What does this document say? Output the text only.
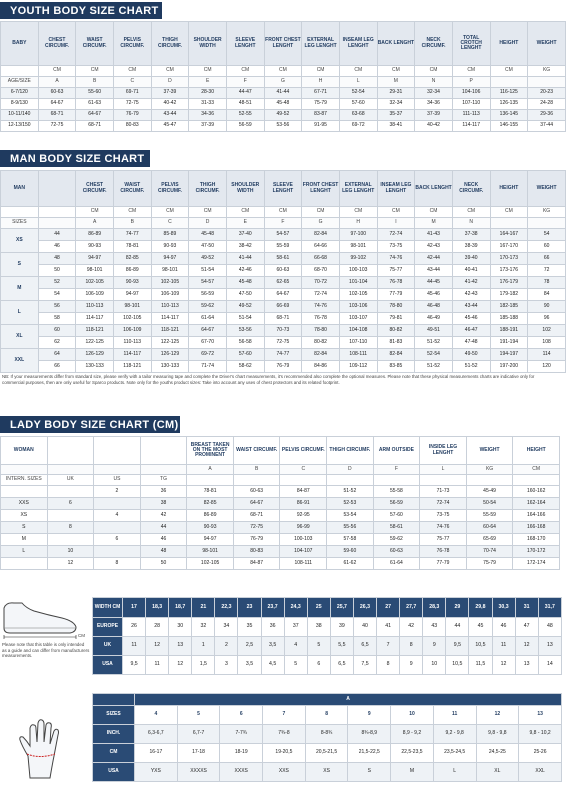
YOUTH BODY SIZE CHART
BABY	CHEST CIRCUMF.	WAIST CIRCUMF.	PELVIS CIRCUMF.	THIGH CIRCUMF.	SHOULDER WIDTH	SLEEVE LENGHT	FRONT CHEST LENGHT	EXTERNAL LEG LENGHT	INSEAM LEG LENGHT	BACK LENGHT	NECK CIRCUMF.	TOTAL CROTCH LENGHT	HEIGHT	WEIGHT
	CM	CM	CM	CM	CM	CM	CM	CM	CM	CM	CM	CM	CM	KG
AGE/SIZE	A	B	C	D	E	F	G	H	L	M	N	P		
6-7/120	60-63	55-60	69-71	37-39	28-30	44-47	41-44	67-71	52-54	29-31	32-34	104-106	116-125	20-23
8-9/130	64-67	61-63	72-75	40-42	31-33	48-51	45-48	75-79	57-60	32-34	34-36	107-110	126-135	24-28
10-11/140	68-71	64-67	76-79	43-44	34-36	52-55	49-52	83-87	63-68	35-37	37-39	111-113	136-145	29-36
12-13/150	72-75	68-71	80-83	45-47	37-39	56-59	53-56	91-95	69-72	38-41	40-42	114-117	146-155	37-44
MAN BODY SIZE CHART
MAN		CHEST CIRCUMF.	WAIST CIRCUMF.	PELVIS CIRCUMF.	THIGH CIRCUMF.	SHOULDER WIDTH	SLEEVE LENGHT	FRONT CHEST LENGHT	EXTERNAL LEG LENGHT	INSEAM LEG LENGHT	BACK LENGHT	NECK CIRCUMF.	HEIGHT	WEIGHT
		CM	CM	CM	CM	CM	CM	CM	CM	CM	CM	CM	CM	KG
SIZES		A	B	C	D	E	F	G	H	I	M	N		
XS	44	86-89	74-77	85-89	45-48	37-40	54-57	82-84	97-100	72-74	41-43	37-38	164-167	54
	46	90-93	78-81	90-93	47-50	38-42	55-59	64-66	98-101	73-75	42-43	38-39	167-170	60
S	48	94-97	82-85	94-97	49-52	41-44	58-61	66-68	99-102	74-76	42-44	39-40	170-173	66
	50	98-101	86-89	98-101	51-54	42-46	60-63	68-70	100-103	75-77	43-44	40-41	173-176	72
M	52	102-105	90-93	102-105	54-57	45-48	62-65	70-72	101-104	76-78	44-45	41-42	176-179	78
	54	106-109	94-97	106-109	56-59	47-50	64-67	72-74	102-105	77-79	45-46	42-43	179-182	84
L	56	110-113	98-101	110-113	59-62	49-52	66-69	74-76	103-106	78-80	46-48	43-44	182-185	90
	58	114-117	102-105	114-117	61-64	51-54	68-71	76-78	103-107	79-81	46-49	45-46	185-188	96
XL	60	118-121	106-109	118-121	64-67	53-56	70-73	78-80	104-108	80-82	49-51	46-47	188-191	102
	62	122-125	110-113	122-125	67-70	56-58	72-75	80-82	107-110	81-83	51-52	47-48	191-194	108
XXL	64	126-129	114-117	126-129	69-72	57-60	74-77	82-84	108-111	82-84	52-54	49-50	194-197	114
	66	130-133	118-121	130-133	71-74	58-62	76-79	84-86	109-112	83-85	51-52	51-52	197-200	120
NB: If your measurements differ from standard size, please verify with a tailor measuring tape and complete the Driver's chart measurements, it's recommended also complete the optional measures. Please note that these physical measurements charts are indicative only for commercial purposes, then are only useful for Sparco products. Note only for the youths product sizes: Take into account any uses of chest protectors and its related footprint.
LADY BODY SIZE CHART (CM)
WOMAN				BREAST TAKEN ON THE MOST PROMINENT	WAIST CIRCUMF.	PELVIS CIRCUMF.	THIGH CIRCUMF.	ARM OUTSIDE	INSIDE LEG LENGHT	WEIGHT	HEIGHT
				A	B	C	D	F	L	KG	CM
INTERN. SIZES	UK	US	TG								
		2	36	78-81	60-63	84-87	51-52	55-58	71-73	45-49	160-162
XXS	6		38	82-85	64-67	86-91	52-53	56-59	72-74	50-54	162-164
XS		4	42	86-89	68-71	92-95	53-54	57-60	73-75	55-59	164-166
S	8		44	90-93	72-75	96-99	55-56	58-61	74-76	60-64	166-168
M		6	46	94-97	76-79	100-103	57-58	59-62	75-77	65-69	168-170
L	10		48	98-101	80-83	104-107	59-60	60-63	76-78	70-74	170-172
	12	8	50	102-105	84-87	108-111	61-62	61-64	77-79	75-79	172-174
CM
Please note that this table is only intended as a guide and can differ from manufacturers measurements.
WIDTH CM	17	18,3	18,7	21	22,3	23	23,7	24,3	25	25,7	26,3	27	27,7	28,3	29	29,8	30,3	31	31,7
EUROPE	26	28	30	32	34	35	36	37	38	39	40	41	42	43	44	45	46	47	48
UK	11	12	13	1	2	2,5	3,5	4	5	5,5	6,5	7	8	9	9,5	10,5	11	12	13
USA	9,5	11	12	1,5	3	3,5	4,5	5	6	6,5	7,5	8	9	10	10,5	11,5	12	13	14
	A									
SIZES	4	5	6	7	8	9	10	11	12	13
INCH.	6,3-6,7	6,7-7	7-7¾	7¾-8	8-8¾	8¾-8,9	8,9 - 9,2	9,2 - 9,8	9,8 - 9,8	9,8 - 10,2
CM	16-17	17-18	18-19	19-20,5	20,5-21,5	21,5-22,5	22,5-23,5	23,5-24,5	24,5-25	25-26
USA	YXS	XXXXS	XXXS	XXS	XS	S	M	L	XL	XXL
